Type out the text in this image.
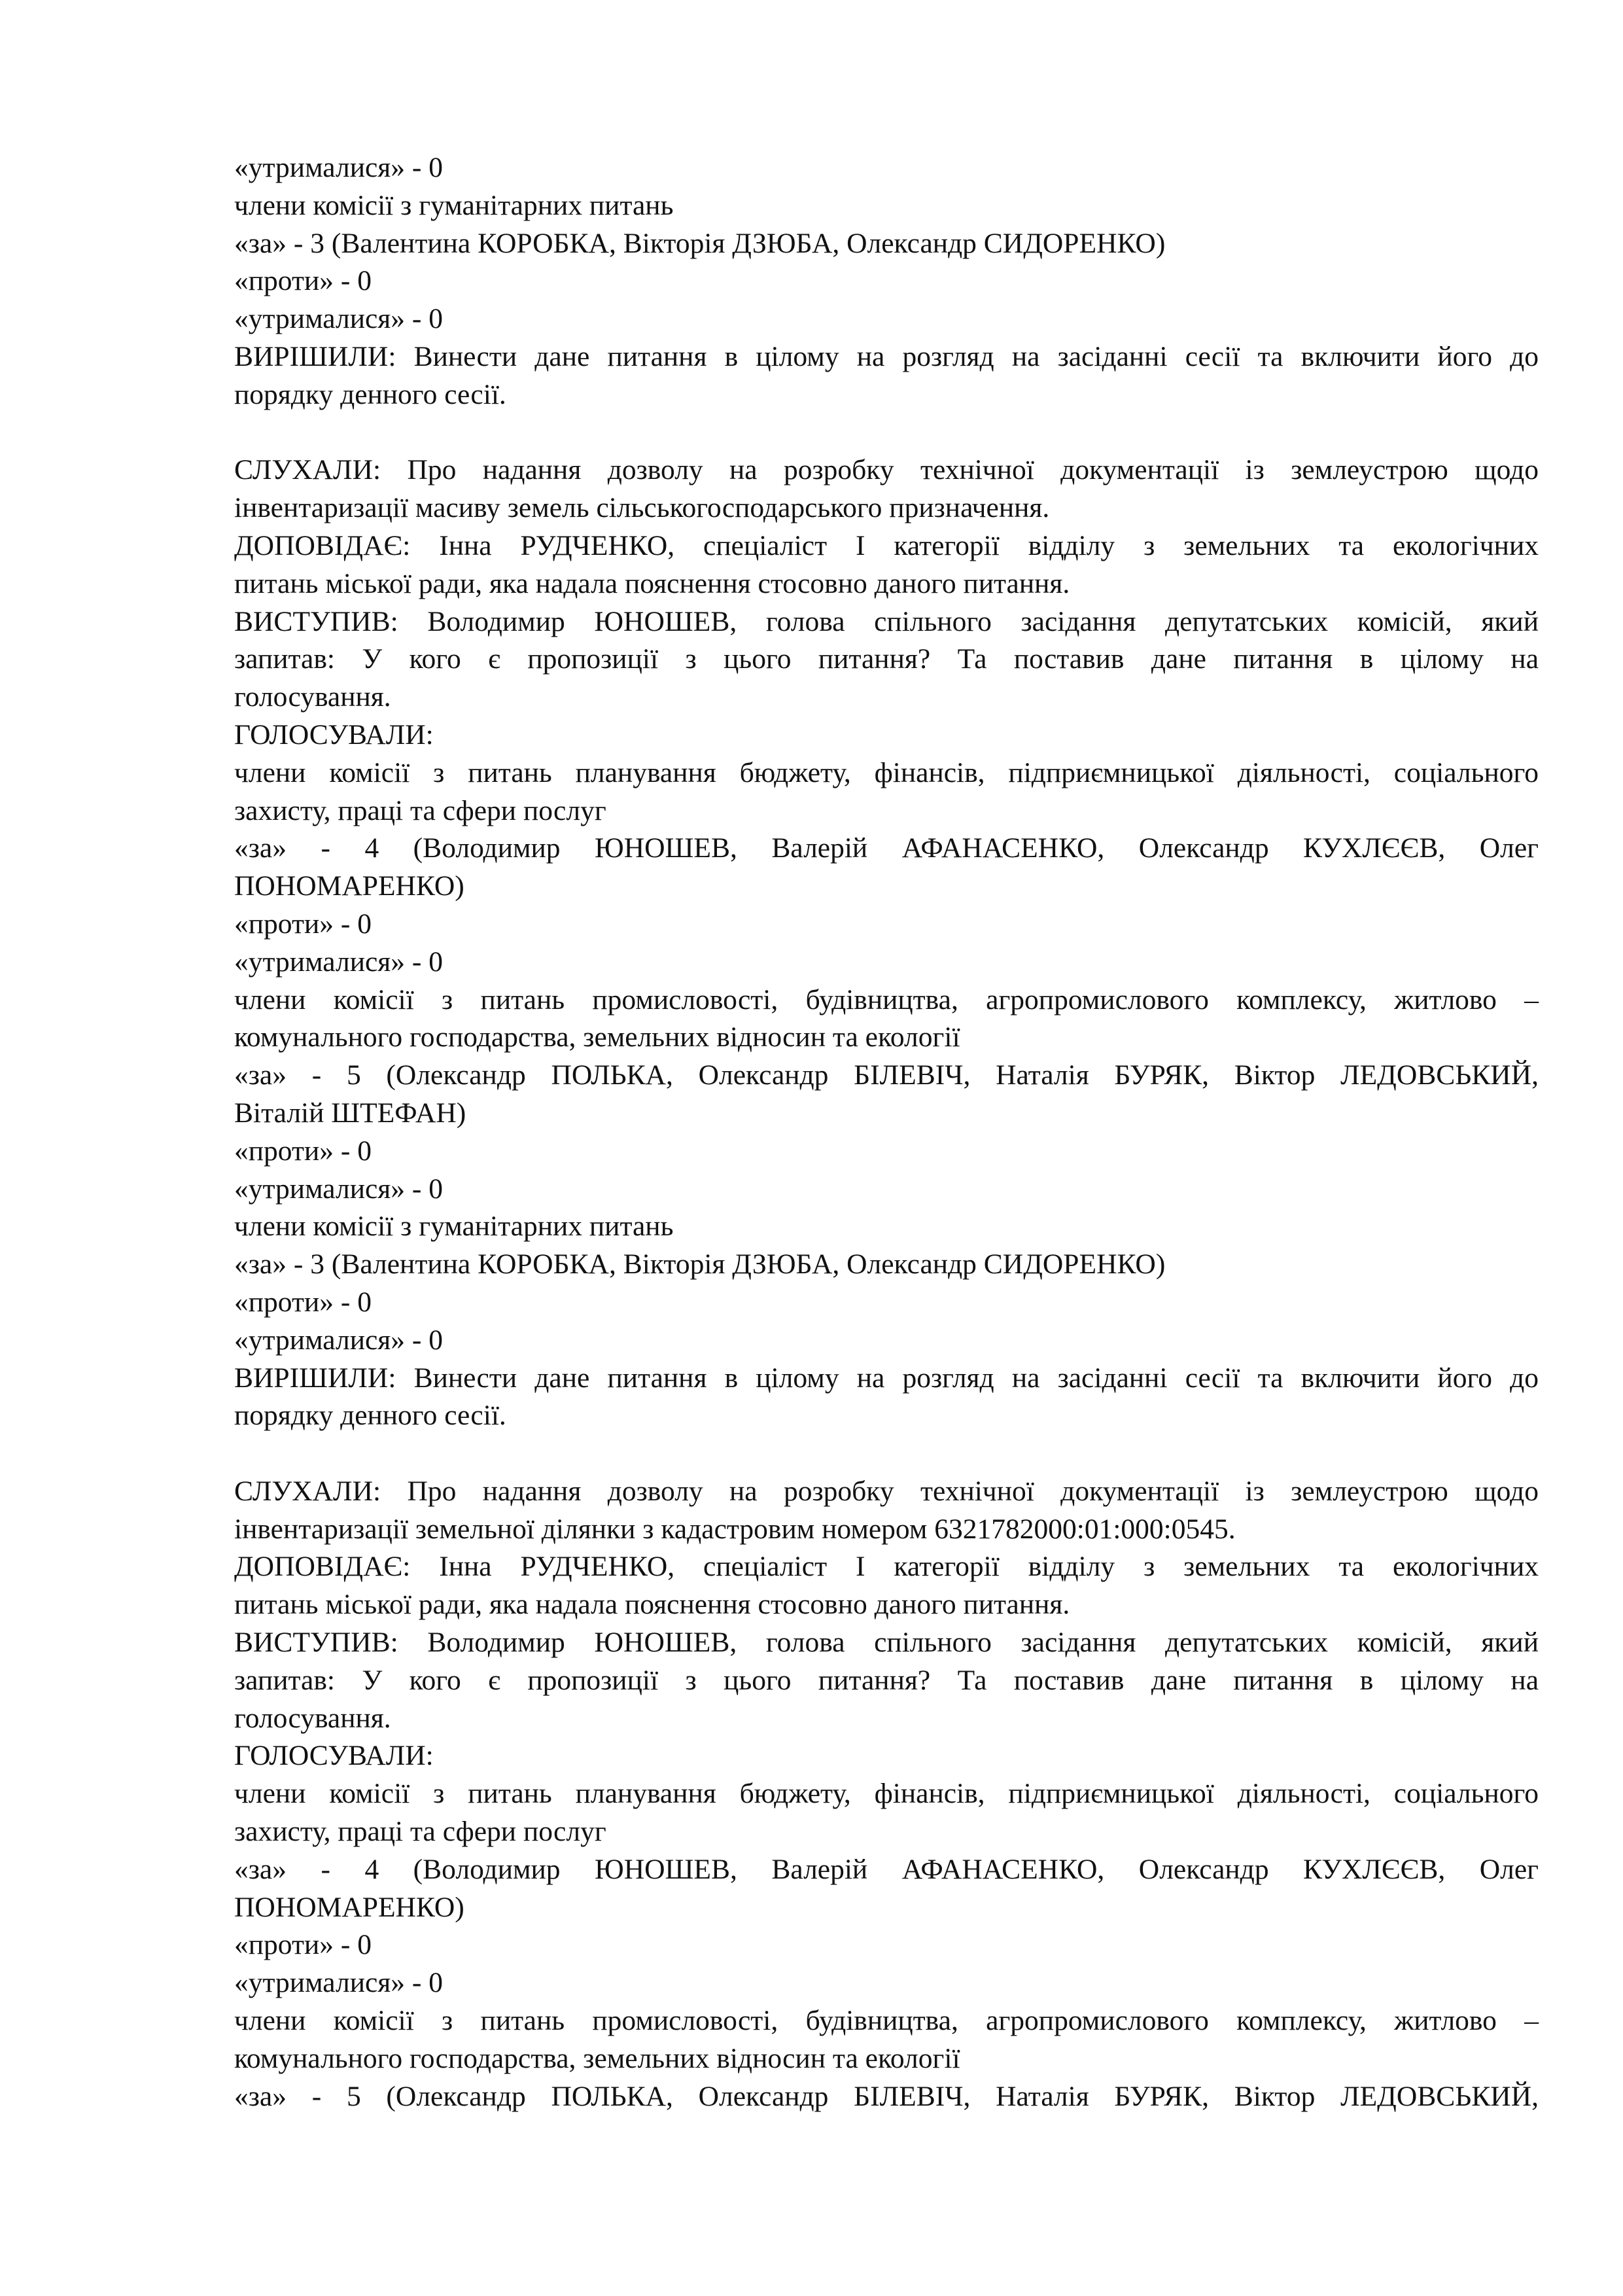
«утрималися» - 0
члени комісії з гуманітарних питань
«за» - 3 (Валентина КОРОБКА, Вікторія ДЗЮБА, Олександр СИДОРЕНКО)
«проти» - 0
«утрималися» - 0
ВИРІШИЛИ: Винести дане питання в цілому на розгляд на засіданні сесії та включити його до
порядку денного сесії.
СЛУХАЛИ: Про надання дозволу на розробку технічної документації із землеустрою щодо
інвентаризації масиву земель сільськогосподарського призначення.
ДОПОВІДАЄ: Інна РУДЧЕНКО, спеціаліст І категорії відділу з земельних та екологічних
питань міської ради, яка надала пояснення стосовно даного питання.
ВИСТУПИВ: Володимир ЮНОШЕВ, голова спільного засідання депутатських комісій, який
запитав: У кого є пропозиції з цього питання? Та поставив дане питання в цілому на
голосування.
ГОЛОСУВАЛИ:
члени комісії з питань планування бюджету, фінансів, підприємницької діяльності, соціального
захисту, праці та сфери послуг
«за» - 4 (Володимир ЮНОШЕВ, Валерій АФАНАСЕНКО, Олександр КУХЛЄЄВ, Олег
ПОНОМАРЕНКО)
«проти» - 0
«утрималися» - 0
члени комісії з питань промисловості, будівництва, агропромислового комплексу, житлово –
комунального господарства, земельних відносин та екології
«за» - 5 (Олександр ПОЛЬКА, Олександр БІЛЕВІЧ, Наталія БУРЯК, Віктор ЛЕДОВСЬКИЙ,
Віталій ШТЕФАН)
«проти» - 0
«утрималися» - 0
члени комісії з гуманітарних питань
«за» - 3 (Валентина КОРОБКА, Вікторія ДЗЮБА, Олександр СИДОРЕНКО)
«проти» - 0
«утрималися» - 0
ВИРІШИЛИ: Винести дане питання в цілому на розгляд на засіданні сесії та включити його до
порядку денного сесії.
СЛУХАЛИ: Про надання дозволу на розробку технічної документації із землеустрою щодо
інвентаризації земельної ділянки з кадастровим номером 6321782000:01:000:0545.
ДОПОВІДАЄ: Інна РУДЧЕНКО, спеціаліст І категорії відділу з земельних та екологічних
питань міської ради, яка надала пояснення стосовно даного питання.
ВИСТУПИВ: Володимир ЮНОШЕВ, голова спільного засідання депутатських комісій, який
запитав: У кого є пропозиції з цього питання? Та поставив дане питання в цілому на
голосування.
ГОЛОСУВАЛИ:
члени комісії з питань планування бюджету, фінансів, підприємницької діяльності, соціального
захисту, праці та сфери послуг
«за» - 4 (Володимир ЮНОШЕВ, Валерій АФАНАСЕНКО, Олександр КУХЛЄЄВ, Олег
ПОНОМАРЕНКО)
«проти» - 0
«утрималися» - 0
члени комісії з питань промисловості, будівництва, агропромислового комплексу, житлово –
комунального господарства, земельних відносин та екології
«за» - 5 (Олександр ПОЛЬКА, Олександр БІЛЕВІЧ, Наталія БУРЯК, Віктор ЛЕДОВСЬКИЙ,
